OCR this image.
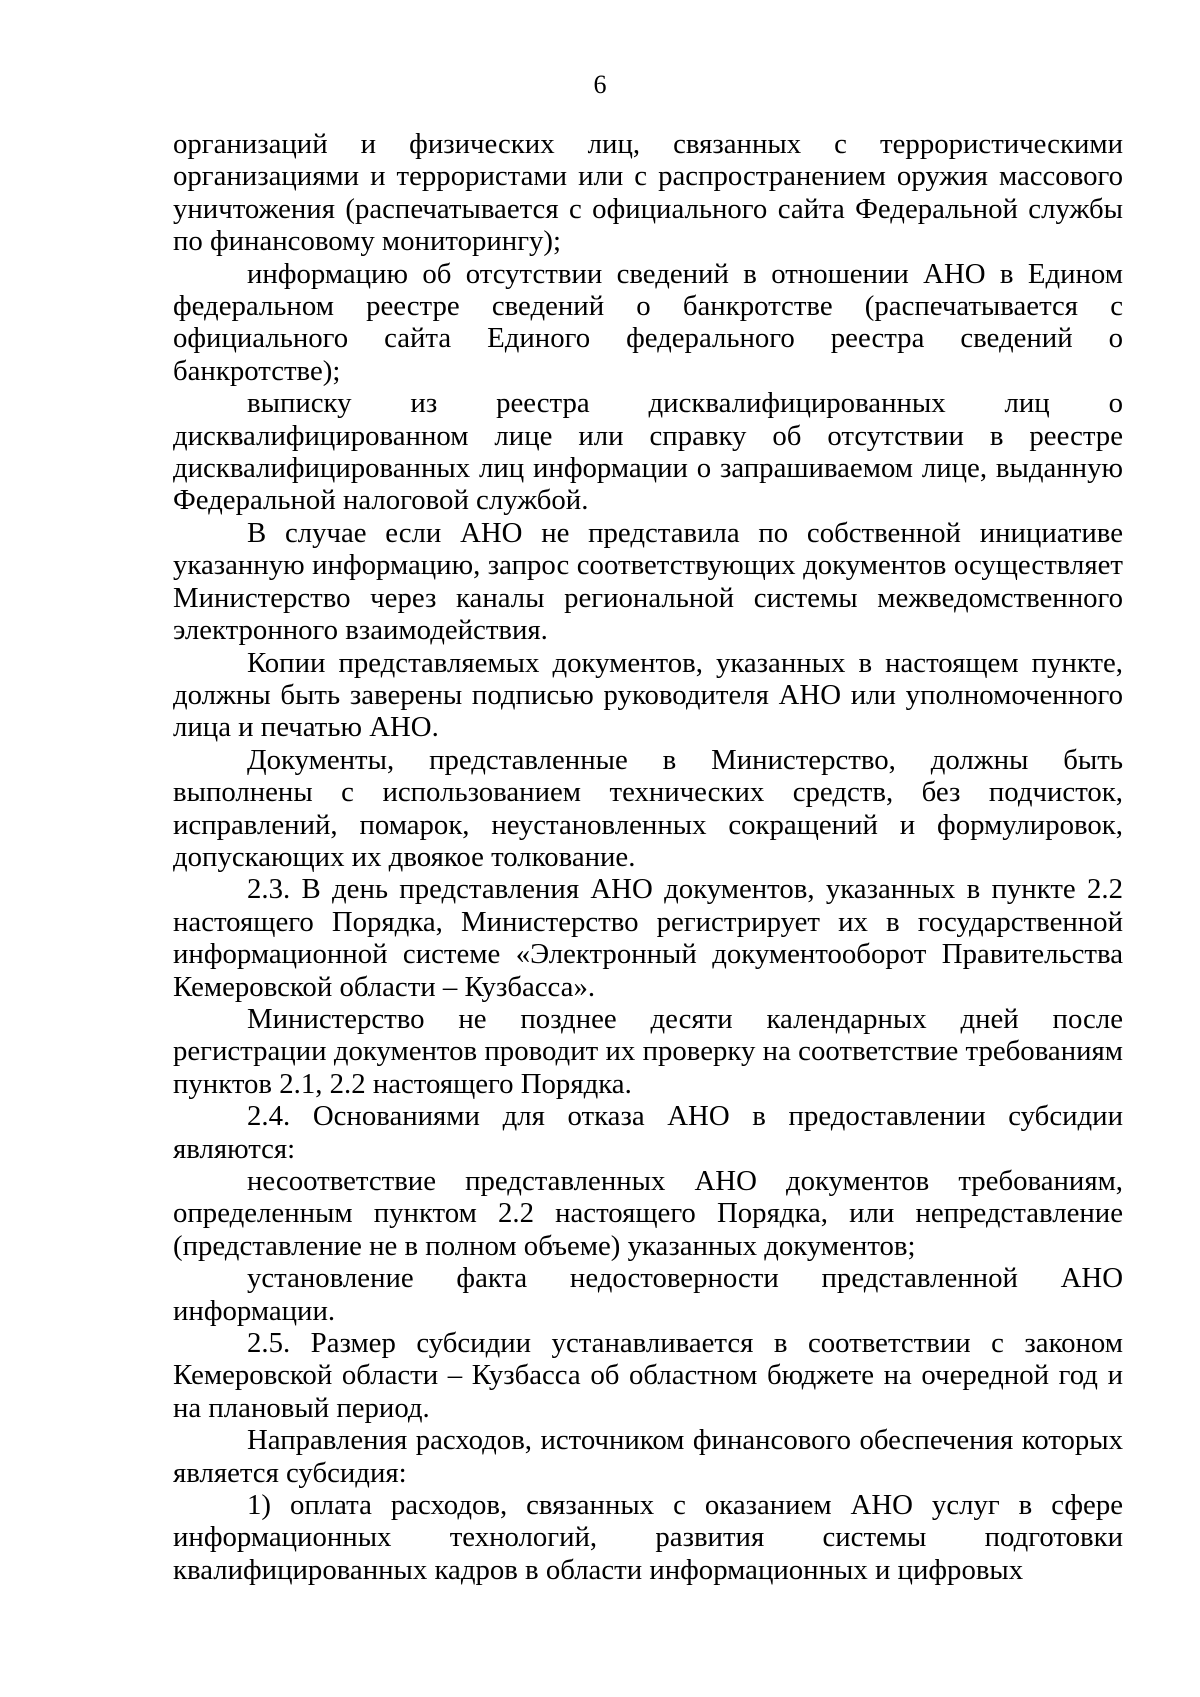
6

организаций и физических лиц, связанных с террористическими организациями и террористами или с распространением оружия массового уничтожения (распечатывается с официального сайта Федеральной службы по финансовому мониторингу);

информацию об отсутствии сведений в отношении АНО в Едином федеральном реестре сведений о банкротстве (распечатывается с официального сайта Единого федерального реестра сведений о банкротстве);

выписку из реестра дисквалифицированных лиц о дисквалифицированном лице или справку об отсутствии в реестре дисквалифицированных лиц информации о запрашиваемом лице, выданную Федеральной налоговой службой.

В случае если АНО не представила по собственной инициативе указанную информацию, запрос соответствующих документов осуществляет Министерство через каналы региональной системы межведомственного электронного взаимодействия.

Копии представляемых документов, указанных в настоящем пункте, должны быть заверены подписью руководителя АНО или уполномоченного лица и печатью АНО.

Документы, представленные в Министерство, должны быть выполнены с использованием технических средств, без подчисток, исправлений, помарок, неустановленных сокращений и формулировок, допускающих их двоякое толкование.

2.3. В день представления АНО документов, указанных в пункте 2.2 настоящего Порядка, Министерство регистрирует их в государственной информационной системе «Электронный документооборот Правительства Кемеровской области – Кузбасса».

Министерство не позднее десяти календарных дней после регистрации документов проводит их проверку на соответствие требованиям пунктов 2.1, 2.2 настоящего Порядка.

2.4. Основаниями для отказа АНО в предоставлении субсидии являются:

несоответствие представленных АНО документов требованиям, определенным пунктом 2.2 настоящего Порядка, или непредставление (представление не в полном объеме) указанных документов;

установление факта недостоверности представленной АНО информации.

2.5. Размер субсидии устанавливается в соответствии с законом Кемеровской области – Кузбасса об областном бюджете на очередной год и на плановый период.

Направления расходов, источником финансового обеспечения которых является субсидия:

1) оплата расходов, связанных с оказанием АНО услуг в сфере информационных технологий, развития системы подготовки квалифицированных кадров в области информационных и цифровых
